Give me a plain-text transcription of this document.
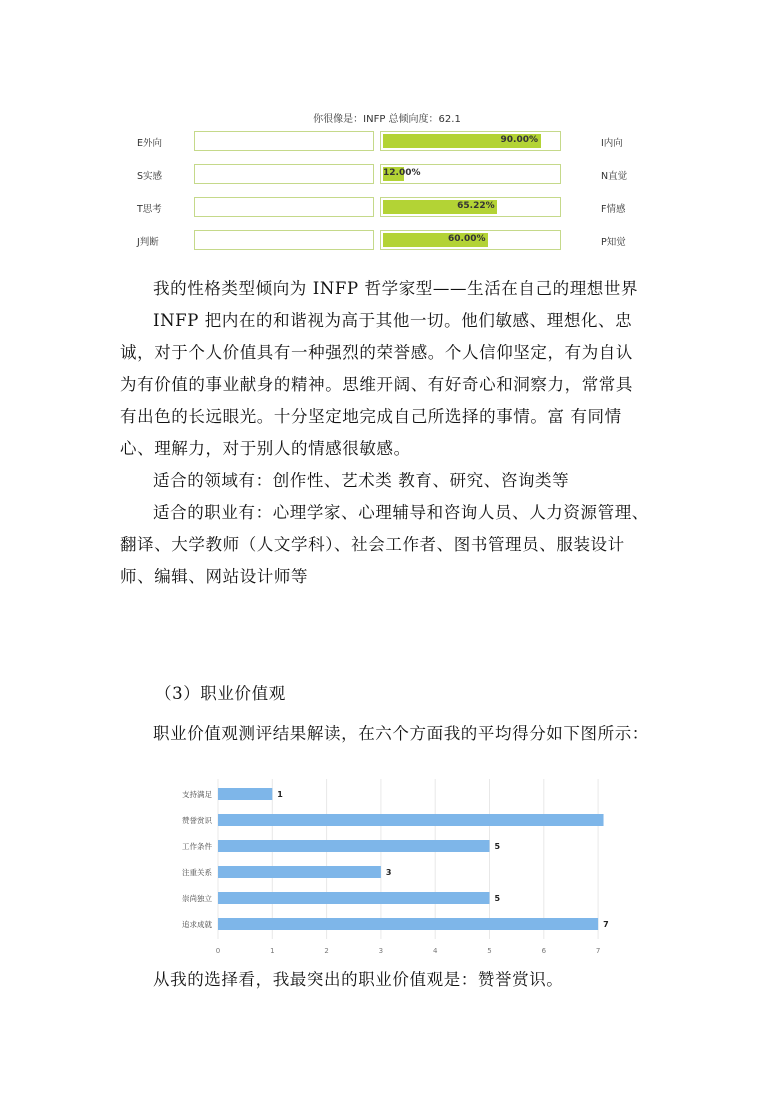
你很像是：INFP 总倾向度：62.1
E外向	90.00%	I内向
S实感	12.00%	N直觉
T思考	65.22%	F情感
J判断	60.00%	P知觉
我的性格类型倾向为 INFP 哲学家型——生活在自己的理想世界
INFP 把内在的和谐视为高于其他一切。他们敏感、理想化、忠
诚，对于个人价值具有一种强烈的荣誉感。个人信仰坚定，有为自认
为有价值的事业献身的精神。思维开阔、有好奇心和洞察力，常常具
有出色的长远眼光。十分坚定地完成自己所选择的事情。富 有同情
心、理解力，对于别人的情感很敏感。
适合的领域有：创作性、艺术类 教育、研究、咨询类等
适合的职业有：心理学家、心理辅导和咨询人员、人力资源管理、
翻译、大学教师（人文学科）、社会工作者、图书管理员、服装设计
师、编辑、网站设计师等
（3）职业价值观
职业价值观测评结果解读，在六个方面我的平均得分如下图所示：
0	1	2	3	4	5	6	7
支持满足	1
赞誉赏识
工作条件	5
注重关系	3
崇尚独立	5
追求成就	7
从我的选择看，我最突出的职业价值观是：赞誉赏识。
